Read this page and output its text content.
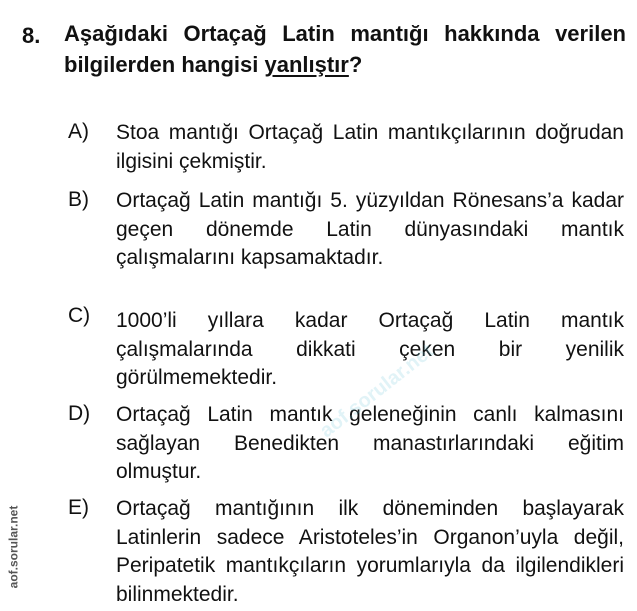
8. Aşağıdaki Ortaçağ Latin mantığı hakkında verilen bilgilerden hangisi yanlıştır?
A) Stoa mantığı Ortaçağ Latin mantıkçılarının doğrudan ilgisini çekmiştir.
B) Ortaçağ Latin mantığı 5. yüzyıldan Rönesans’a kadar geçen dönemde Latin dünyasındaki mantık çalışmalarını kapsamaktadır.
C) 1000’li yıllara kadar Ortaçağ Latin mantık çalışmalarında dikkati çeken bir yenilik görülmemektedir.
D) Ortaçağ Latin mantık geleneğinin canlı kalmasını sağlayan Benedikten manastırlarındaki eğitim olmuştur.
E) Ortaçağ mantığının ilk döneminden başlayarak Latinlerin sadece Aristoteles’in Organon’uyla değil, Peripatetik mantıkçıların yorumlarıyla da ilgilendikleri bilinmektedir.
aof.sorular.net
aof.sorular.net
